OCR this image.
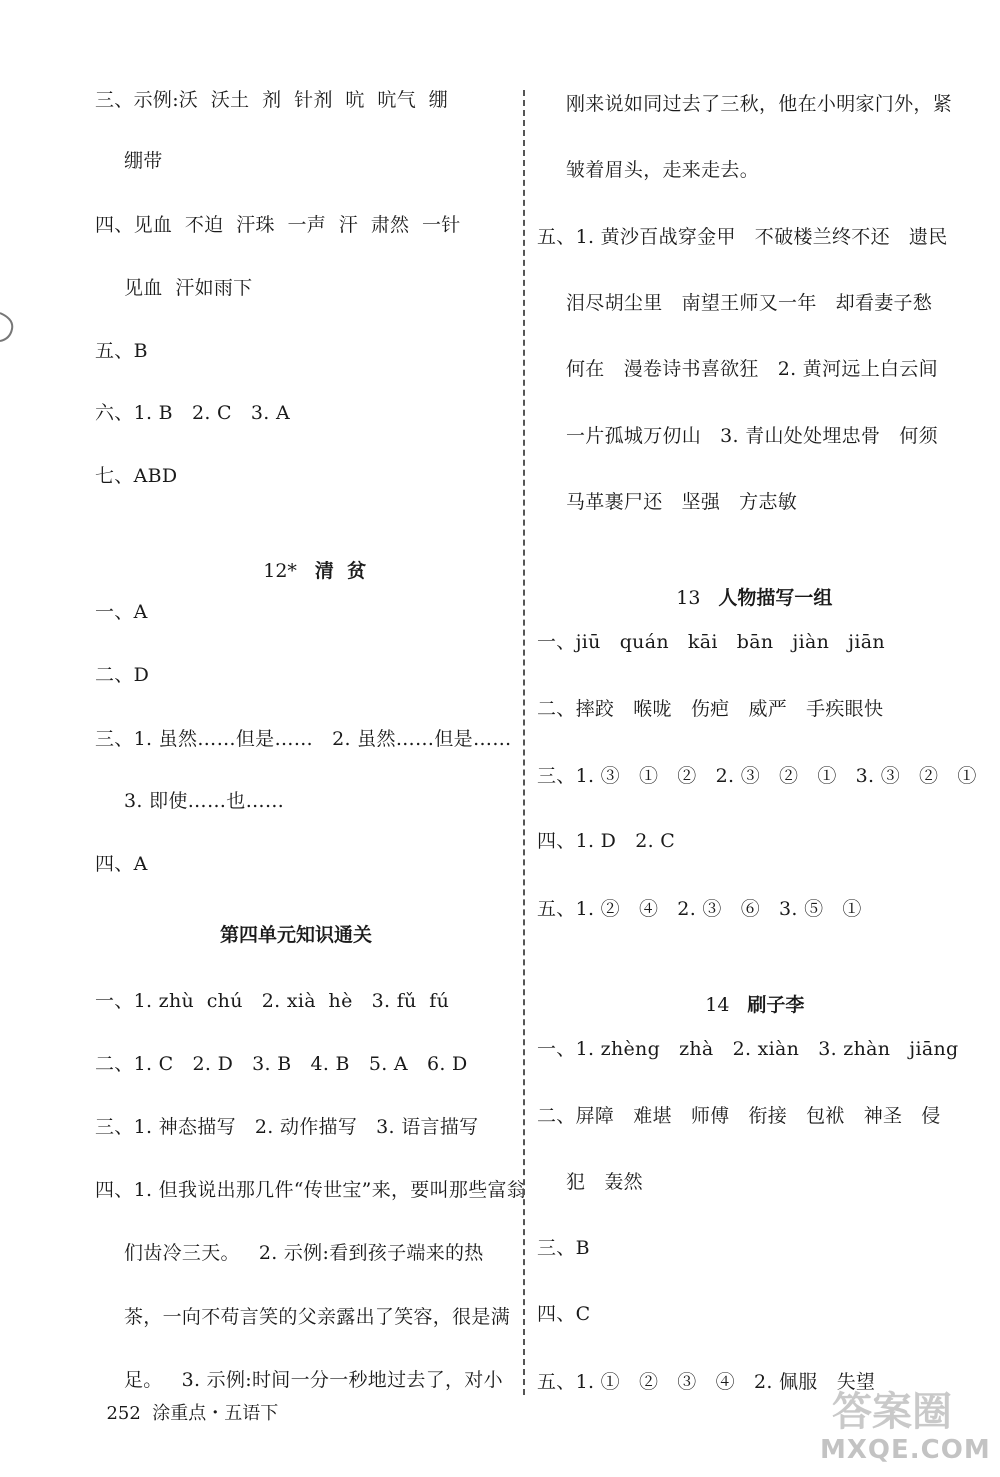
三、示例:沃  沃土  剂  针剂  吭  吭气  绷
绷带
四、见血  不迫  汗珠  一声  汗  肃然  一针
见血  汗如雨下
五、B
六、1. B   2. C   3. A
七、ABD

12* 清  贫

一、A
二、D
三、1. 虽然……但是……   2. 虽然……但是……
3. 即使……也……
四、A
第四单元知识通关
一、1. zhù  chú   2. xià  hè   3. fǔ  fú
二、1. C   2. D   3. B   4. B   5. A   6. D
三、1. 神态描写   2. 动作描写   3. 语言描写
四、1. 但我说出那几件“传世宝”来，要叫那些富翁
们齿冷三天。   2. 示例:看到孩子端来的热
茶，一向不苟言笑的父亲露出了笑容，很是满
足。   3. 示例:时间一分一秒地过去了，对小
刚来说如同过去了三秋，他在小明家门外，紧
皱着眉头，走来走去。
五、1. 黄沙百战穿金甲   不破楼兰终不还   遗民
泪尽胡尘里   南望王师又一年   却看妻子愁
何在   漫卷诗书喜欲狂   2. 黄河远上白云间
一片孤城万仞山   3. 青山处处埋忠骨   何须
马革裹尸还   坚强   方志敏

13 人物描写一组

一、jiū   quán   kāi   bān   jiàn   jiān
二、摔跤   喉咙   伤疤   威严   手疾眼快
三、1. ③   ①   ②   2. ③   ②   ①   3. ③   ②   ①
四、1. D   2. C
五、1. ②   ④   2. ③   ⑥   3. ⑤   ①

14 刷子李

一、1. zhèng   zhà   2. xiàn   3. zhàn   jiāng
二、屏障   难堪   师傅   衔接   包袱   神圣   侵
犯   轰然
三、B
四、C
五、1. ①   ②   ③   ④   2. 佩服   失望

252 涂重点・五语下	答案圈
MXQE.COM
